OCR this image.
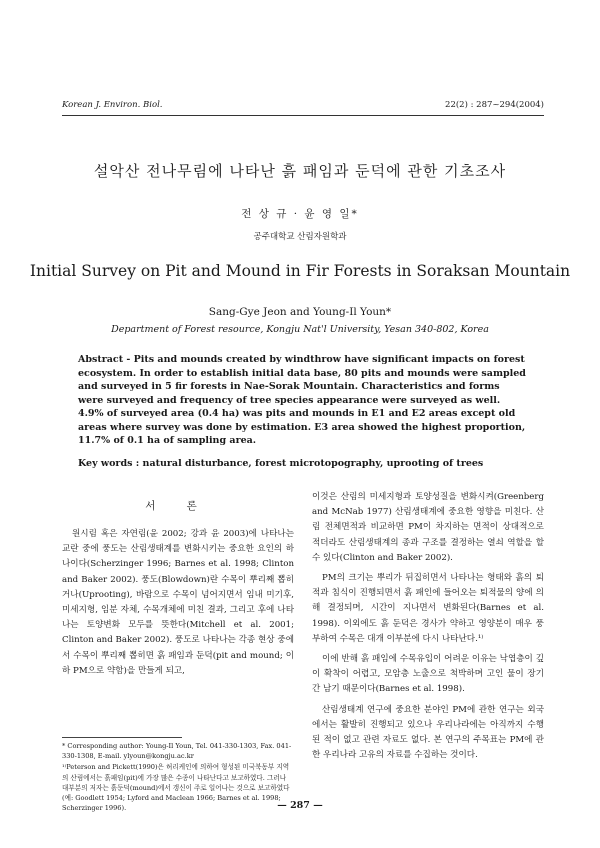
Korean J. Environ. Biol.	22(2) : 287~294(2004)
설악산 전나무림에 나타난 흙 패임과 둔덕에 관한 기초조사
전 상 규 · 윤 영 일*
공주대학교 산림자원학과
Initial Survey on Pit and Mound in Fir Forests in Soraksan Mountain
Sang-Gye Jeon and Young-Il Youn*
Department of Forest resource, Kongju Nat'l University, Yesan 340-802, Korea

Abstract - Pits and mounds created by windthrow have significant impacts on forest ecosystem. In order to establish initial data base, 80 pits and mounds were sampled and surveyed in 5 fir forests in Nae-Sorak Mountain. Characteristics and forms were surveyed and frequency of tree species appearance were surveyed as well. 4.9% of surveyed area (0.4 ha) was pits and mounds in E1 and E2 areas except old areas where survey was done by estimation. E3 area showed the highest proportion, 11.7% of 0.1 ha of sampling area.

Key words : natural disturbance, forest microtopography, uprooting of trees
서 론

원시림 혹은 자연림(윤 2002; 강과 윤 2003)에 나타나는 교란 중에 풍도는 산림생태계를 변화시키는 중요한 요인의 하나이다(Scherzinger 1996; Barnes et al. 1998; Clinton and Baker 2002). 풍도(Blowdown)란 수목이 뿌리째 뽑히거나(Uprooting), 바람으로 수목이 넘어지면서 임내 미기후, 미세지형, 임분 자체, 수목개체에 미친 결과, 그리고 후에 나타나는 토양변화 모두를 뜻한다(Mitchell et al. 2001; Clinton and Baker 2002). 풍도로 나타나는 각종 현상 중에서 수목이 뿌리째 뽑히면 흙 패임과 둔덕(pit and mound; 이하 PM으로 약함)을 만들게 되고,

이것은 산림의 미세지형과 토양성질을 변화시켜(Greenberg and McNab 1977) 산림생태계에 중요한 영향을 미친다. 산림 전체면적과 비교하면 PM이 차지하는 면적이 상대적으로 적더라도 산림생태계의 종과 구조를 결정하는 열쇠 역할을 할 수 있다(Clinton and Baker 2002).

PM의 크기는 뿌리가 뒤집히면서 나타나는 형태와 흙의 퇴적과 침식이 진행되면서 흙 패인에 들어오는 퇴적물의 양에 의해 결정되며, 시간이 지나면서 변화된다(Barnes et al. 1998). 이외에도 흙 둔덕은 경사가 약하고 영양분이 매우 풍부하여 수목은 대개 이부분에 다시 나타난다.¹⁾

이에 반해 흙 패임에 수목유입이 어려운 이유는 낙엽층이 깊이 확착이 어렵고, 모암층 노출으로 척박하며 고인 물이 장기간 남기 때문이다(Barnes et al. 1998).

산림생태계 연구에 중요한 분야인 PM에 관한 연구는 외국에서는 활발히 진행되고 있으나 우리나라에는 아직까지 수행된 적이 없고 관련 자료도 없다. 본 연구의 주목표는 PM에 관한 우리나라 고유의 자료를 수집하는 것이다.

* Corresponding author: Young-Il Youn, Tel. 041-330-1303, Fax. 041-330-1308, E-mail. ylyoun@kongju.ac.kr

¹⁾Peterson and Pickett(1990)은 허리케인에 의하여 형성된 미국북동부 지역의 산림에서는 흙패임(pit)에 가장 많은 수종이 나타난다고 보고하였다. 그러나 대부분의 저자는 흙둔덕(mound)에서 갱신이 주로 일어나는 것으로 보고하였다(예: Goodlett 1954; Lyford and Maclean 1966; Barnes et al. 1998; Scherzinger 1996).	— 287 —
